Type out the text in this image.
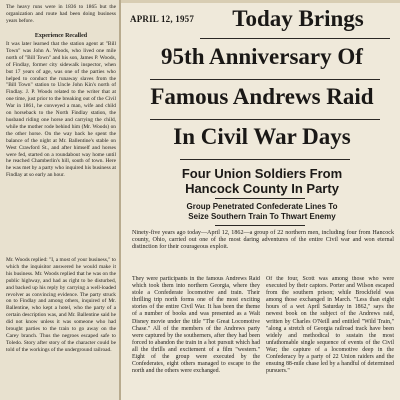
The heavy runs were in 1836 to 1865 but the organization and route had been doing business years before.
Experience Recalled
It was later learned that the station agent at "Bill Town" was John A. Woods, who lived one mile north of "Bill Town" and his son, James P. Woods, of Findlay, former city sidewalk inspector, when but 17 years of age, was one of the parties who helped to conduct the runaway slaves from the "Bill Town" station to Uncle John Kin's north of Findlay. J. P. Woods related to the writer that at one time, just prior to the breaking out of the Civil War in 1861, he conveyed a man, wife and child on horseback to the North Findlay station, the husband riding one horse and carrying the child, while the mother rode behind him (Mr. Woods) on the other horse. On the way back he spent the balance of the night at Mr. Ballentine's stable on West Crawford St., and after himself and horses were fed, started on a roundabout way home until he reached Chamberlin's hill, south of town. Here he was met by a party who inquired his business at Findlay at so early an hour.
Mr. Woods replied: "I, a most of your business," to which the inquisitor answered he would make it his business. Mr. Woods replied that he was on the public highway, and had as right to be disturbed, and backed up his reply by carrying a well-loaded revolver as convincing evidence. The party struck on to Findlay and among others, inquired of Mr. Ballentine, who kept a hotel, who the party of a certain description was, and Mr. Ballentine said he did not know unless it was someone who had brought parties to the train to go away on the Carey branch. Thus the negroes escaped safe to Toledo. Story after story of the character could be told of the workings of the underground railroad.
APRIL 12, 1957	Today Brings
95th Anniversary Of
Famous Andrews Raid
In Civil War Days
Four Union Soldiers From
Hancock County In Party
Group Penetrated Confederate Lines To
Seize Southern Train To Thwart Enemy
Ninety-five years ago today—April 12, 1862—a group of 22 northern men, including four from Hancock county, Ohio, carried out one of the most daring adventures of the entire Civil war and won eternal distinction for their courageous exploit.
They were participants in the famous Andrews Raid which took them into northern Georgia, where they stole a Confederate locomotive and train. Their thrilling trip north forms one of the most exciting stories of the entire Civil War. It has been the theme of a number of books and was presented as a Walt Disney movie under the title "The Great Locomotive Chase." All of the members of the Andrews party were captured by the southerners, after they had been forced to abandon the train in a hot pursuit which had all the thrills and excitement of a film "western." Eight of the group were executed by the Confederates, eight others managed to escape to the north and the others were exchanged.
Of the four, Scott was among those who were executed by their captors. Porter and Wilson escaped from the southern prison; while Brockfield was among those exchanged in March. "Less than eight hours of a wet April Saturday in 1862," says the newest book on the subject of the Andrews raid, written by Charles O'Neill and entitled "Wild Train," "along a stretch of Georgia railroad track have been widely and methodical to sustain the most unfathomable single sequence of events of the Civil War; the capture of a locomotive deep in the Confederacy by a party of 22 Union raiders and the ensuing 88-mile chase led by a handful of determined pursuers."
